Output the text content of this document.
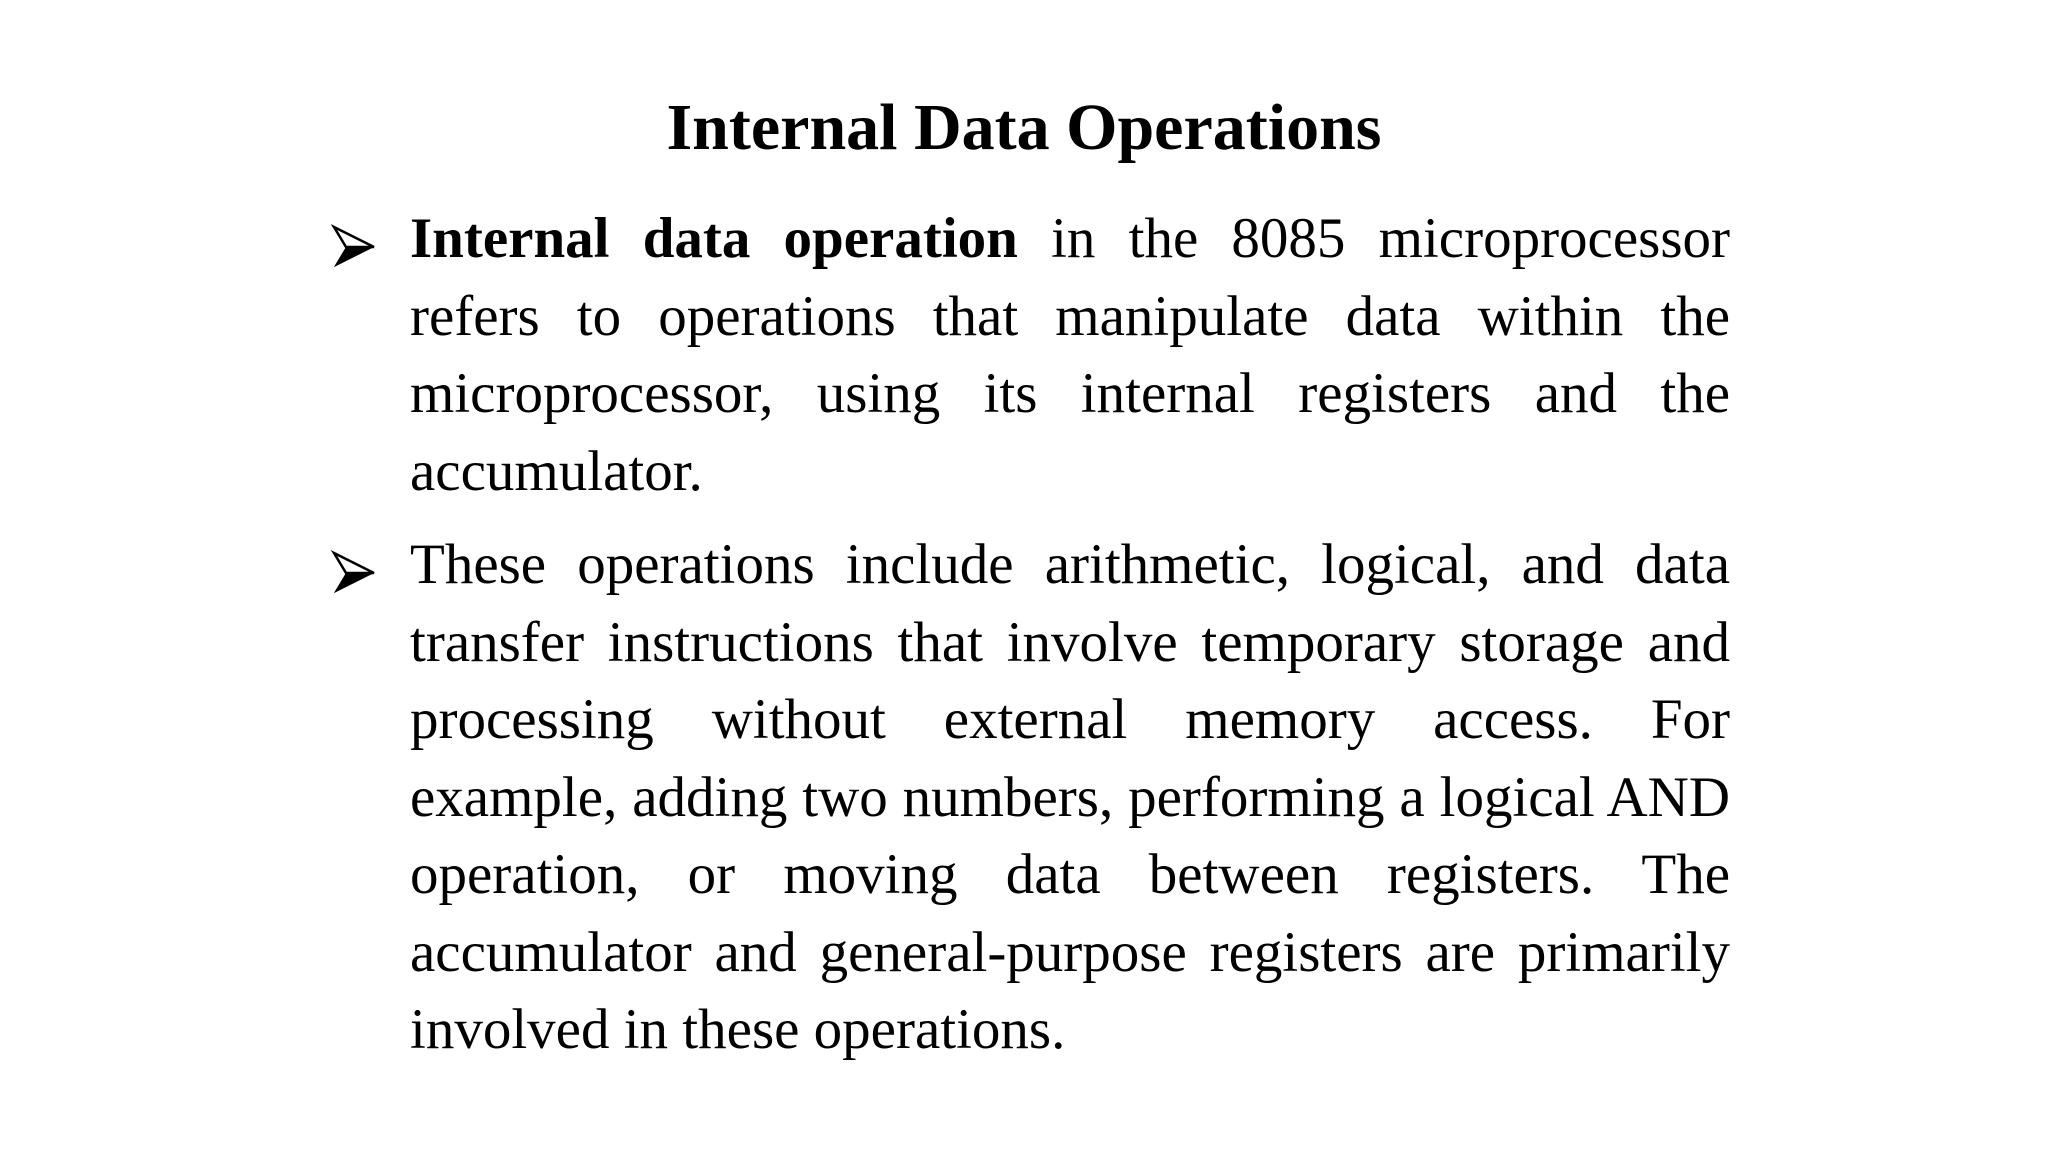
Internal Data Operations
Internal data operation in the 8085 microprocessor refers to operations that manipulate data within the microprocessor, using its internal registers and the accumulator.
These operations include arithmetic, logical, and data transfer instructions that involve temporary storage and processing without external memory access. For example, adding two numbers, performing a logical AND operation, or moving data between registers. The accumulator and general-purpose registers are primarily involved in these operations.
